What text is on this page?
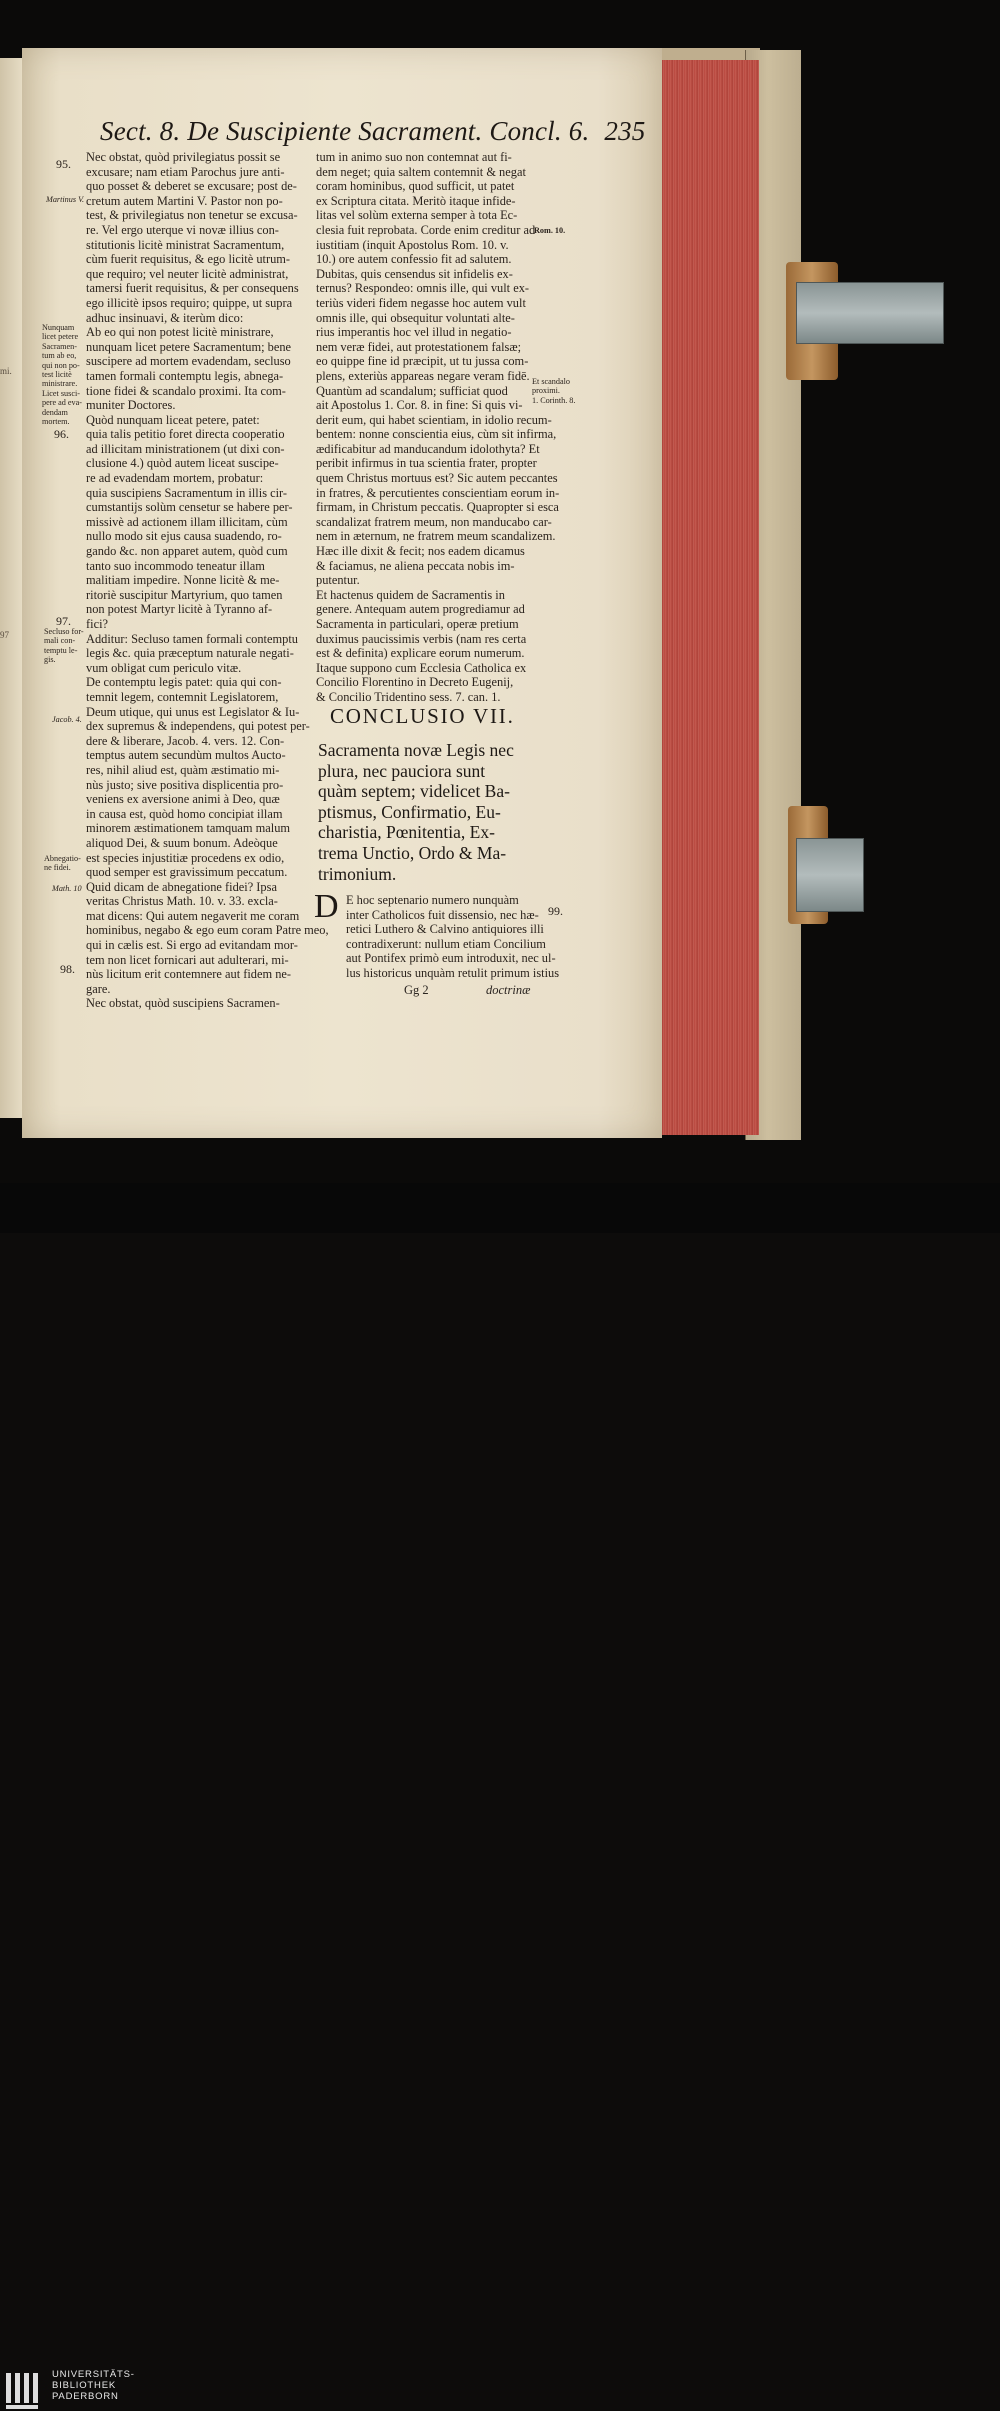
mi.
97
Sect. 8. De Suscipiente Sacrament. Concl. 6. 235

Nec obstat, quòd privilegiatus possit se

excusare; nam etiam Parochus jure anti-

quo posset & deberet se excusare; post de-

cretum autem Martini V. Pastor non po-

test, & privilegiatus non tenetur se excusa-

re. Vel ergo uterque vi novæ illius con-

stitutionis licitè ministrat Sacramentum,

cùm fuerit requisitus, & ego licitè utrum-

que requiro; vel neuter licitè administrat,

tamersi fuerit requisitus, & per consequens

ego illicitè ipsos requiro; quippe, ut supra

adhuc insinuavi, & iterùm dico:

Ab eo qui non potest licitè ministrare,

nunquam licet petere Sacramentum; bene

suscipere ad mortem evadendam, secluso

tamen formali contemptu legis, abnega-

tione fidei & scandalo proximi. Ita com-

muniter Doctores.

Quòd nunquam liceat petere, patet:

quia talis petitio foret directa cooperatio

ad illicitam ministrationem (ut dixi con-

clusione 4.) quòd autem liceat suscipe-

re ad evadendam mortem, probatur:

quia suscipiens Sacramentum in illis cir-

cumstantijs solùm censetur se habere per-

missivè ad actionem illam illicitam, cùm

nullo modo sit ejus causa suadendo, ro-

gando &c. non apparet autem, quòd cum

tanto suo incommodo teneatur illam

malitiam impedire. Nonne licitè & me-

ritoriè suscipitur Martyrium, quo tamen

non potest Martyr licitè à Tyranno af-

fici?

Additur: Secluso tamen formali contemptu

legis &c. quia præceptum naturale negati-

vum obligat cum periculo vitæ.

De contemptu legis patet: quia qui con-

temnit legem, contemnit Legislatorem,

Deum utique, qui unus est Legislator & Iu-

dex supremus & independens, qui potest per-

dere & liberare, Jacob. 4. vers. 12. Con-

temptus autem secundùm multos Aucto-

res, nihil aliud est, quàm æstimatio mi-

nùs justo; sive positiva displicentia pro-

veniens ex aversione animi à Deo, quæ

in causa est, quòd homo concipiat illam

minorem æstimationem tamquam malum

aliquod Dei, & suum bonum. Adeòque

est species injustitiæ procedens ex odio,

quod semper est gravissimum peccatum.

Quid dicam de abnegatione fidei? Ipsa

veritas Christus Math. 10. v. 33. excla-

mat dicens: Qui autem negaverit me coram

hominibus, negabo & ego eum coram Patre meo,

qui in cælis est. Si ergo ad evitandam mor-

tem non licet fornicari aut adulterari, mi-

nùs licitum erit contemnere aut fidem ne-

gare.

Nec obstat, quòd suscipiens Sacramen-

tum in animo suo non contemnat aut fi-

dem neget; quia saltem contemnit & negat

coram hominibus, quod sufficit, ut patet

ex Scriptura citata. Meritò itaque infide-

litas vel solùm externa semper à tota Ec-

clesia fuit reprobata. Corde enim creditur ad

iustitiam (inquit Apostolus Rom. 10. v.

10.) ore autem confessio fit ad salutem.

Dubitas, quis censendus sit infidelis ex-

ternus? Respondeo: omnis ille, qui vult ex-

teriùs videri fidem negasse hoc autem vult

omnis ille, qui obsequitur voluntati alte-

rius imperantis hoc vel illud in negatio-

nem veræ fidei, aut protestationem falsæ;

eo quippe fine id præcipit, ut tu jussa com-

plens, exteriùs appareas negare veram fidē.

Quantùm ad scandalum; sufficiat quod

ait Apostolus 1. Cor. 8. in fine: Si quis vi-

derit eum, qui habet scientiam, in idolio recum-

bentem: nonne conscientia eius, cùm sit infirma,

ædificabitur ad manducandum idolothyta? Et

peribit infirmus in tua scientia frater, propter

quem Christus mortuus est? Sic autem peccantes

in fratres, & percutientes conscientiam eorum in-

firmam, in Christum peccatis. Quapropter si esca

scandalizat fratrem meum, non manducabo car-

nem in æternum, ne fratrem meum scandalizem.

Hæc ille dixit & fecit; nos eadem dicamus

& faciamus, ne aliena peccata nobis im-

putentur.

Et hactenus quidem de Sacramentis in

genere. Antequam autem progrediamur ad

Sacramenta in particulari, operæ pretium

duximus paucissimis verbis (nam res certa

est & definita) explicare eorum numerum.

Itaque suppono cum Ecclesia Catholica ex

Concilio Florentino in Decreto Eugenij,

& Concilio Tridentino sess. 7. can. 1.

95.
96.
97.
98.
99.
Martinus V.

Nunquam

licet petere

Sacramen-

tum ab eo,

qui non po-

test licitè

ministrare.

Licet susci-

pere ad eva-

dendam

mortem.

Secluso for-

mali con-

temptu le-

gis.

Jacob. 4.

Abnegatio-

ne fidei.

Math. 10
Rom. 10.

Et scandalo

proximi.

1. Corinth. 8.

CONCLUSIO VII.

Sacramenta novæ Legis nec

plura, nec pauciora sunt

quàm septem; videlicet Ba-

ptismus, Confirmatio, Eu-

charistia, Pœnitentia, Ex-

trema Unctio, Ordo & Ma-

trimonium.

D E hoc septenario numero nunquàm

inter Catholicos fuit dissensio, nec hæ-

retici Luthero & Calvino antiquiores illi

contradixerunt: nullum etiam Concilium

aut Pontifex primò eum introduxit, nec ul-

lus historicus unquàm retulit primum istius

Gg 2	doctrinæ
UNIVERSITÄTS-
BIBLIOTHEK
PADERBORN
